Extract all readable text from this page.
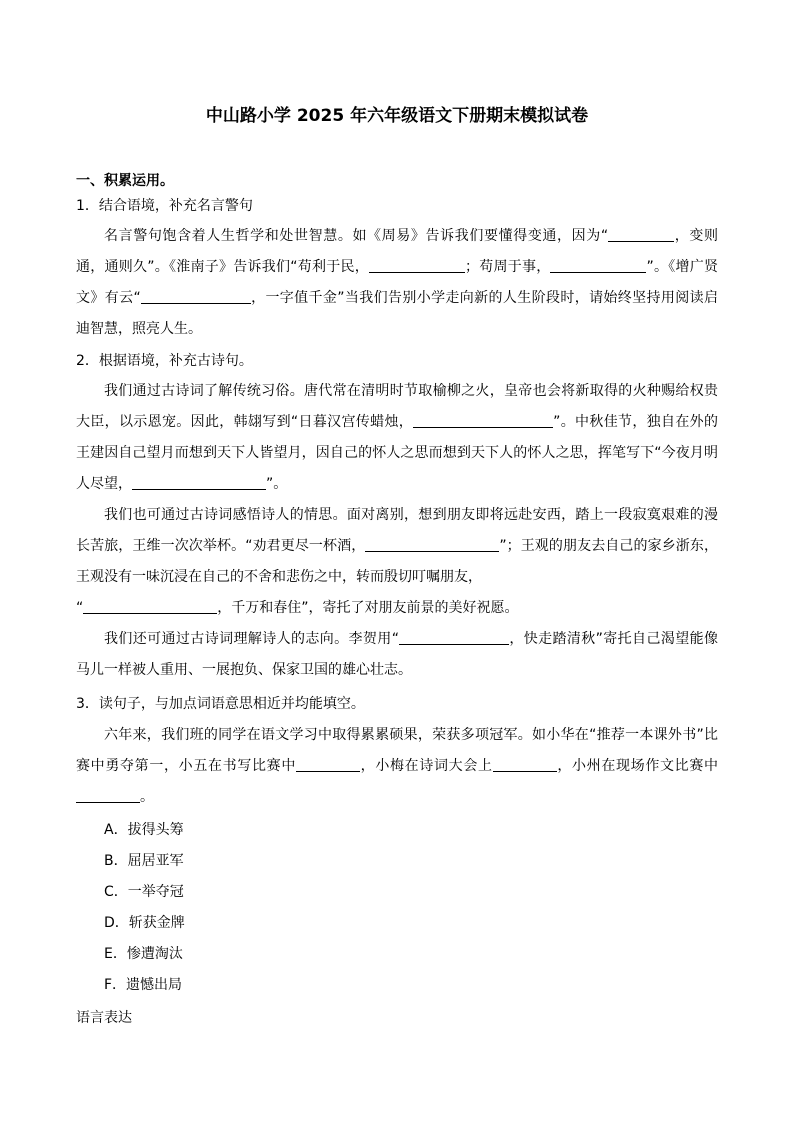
中山路小学 2025 年六年级语文下册期末模拟试卷
一、积累运用。
1．结合语境，补充名言警句

名言警句饱含着人生哲学和处世智慧。如《周易》告诉我们要懂得变通，因为“	，变则通，通则久”。《淮南子》告诉我们“苟利于民，	；苟周于事，	”。《增广贤文》有云“	，一字值千金”当我们告别小学走向新的人生阶段时，请始终坚持用阅读启迪智慧，照亮人生。

2．根据语境，补充古诗句。

我们通过古诗词了解传统习俗。唐代常在清明时节取榆柳之火，皇帝也会将新取得的火种赐给权贵大臣，以示恩宠。因此，韩翃写到“日暮汉宫传蜡烛，	”。中秋佳节，独自在外的王建因自己望月而想到天下人皆望月，因自己的怀人之思而想到天下人的怀人之思，挥笔写下“今夜月明人尽望，	”。

我们也可通过古诗词感悟诗人的情思。面对离别，想到朋友即将远赴安西，踏上一段寂寞艰难的漫长苦旅，王维一次次举杯。“劝君更尽一杯酒，	”；王观的朋友去自己的家乡浙东，王观没有一味沉浸在自己的不舍和悲伤之中，转而殷切叮嘱朋友，

“	，千万和春住”，寄托了对朋友前景的美好祝愿。

我们还可通过古诗词理解诗人的志向。李贺用“	，快走踏清秋”寄托自己渴望能像马儿一样被人重用、一展抱负、保家卫国的雄心壮志。

3．读句子，与加点词语意思相近并均能填空。

六年来，我们班的同学在语文学习中取得累累硕果，荣获多项冠军。如小华在“推荐一本课外书”比赛中勇夺第一，小五在书写比赛中	，小梅在诗词大会上	，小州在现场作文比赛中。

A．拔得头筹
B．屈居亚军
C．一举夺冠
D．斩获金牌
E．惨遭淘汰
F．遗憾出局
语言表达
